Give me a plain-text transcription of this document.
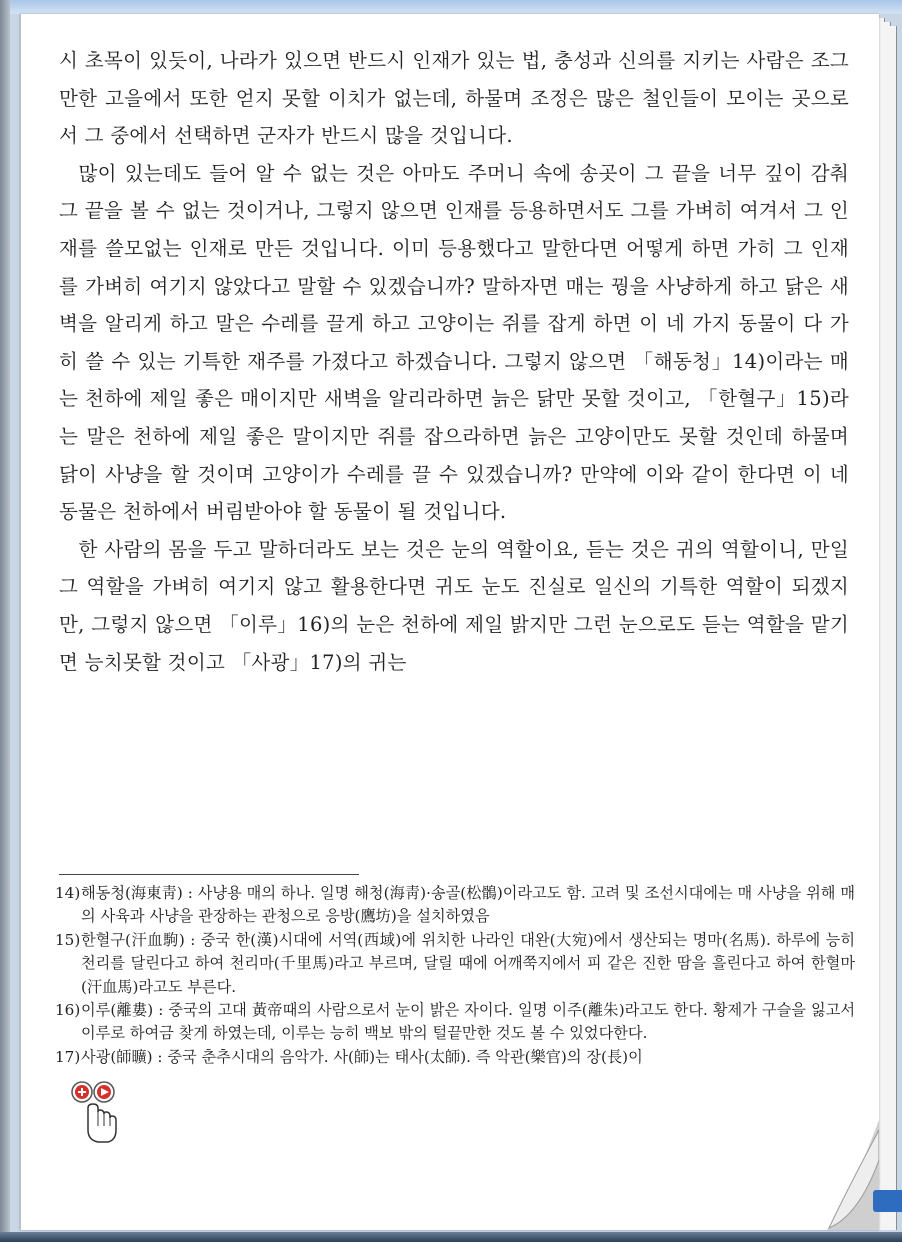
시 초목이 있듯이, 나라가 있으면 반드시 인재가 있는 법, 충성과 신의를 지키는 사람은 조그만한 고을에서 또한 얻지 못할 이치가 없는데, 하물며 조정은 많은 철인들이 모이는 곳으로서 그 중에서 선택하면 군자가 반드시 많을 것입니다.

많이 있는데도 들어 알 수 없는 것은 아마도 주머니 속에 송곳이 그 끝을 너무 깊이 감춰 그 끝을 볼 수 없는 것이거나, 그렇지 않으면 인재를 등용하면서도 그를 가벼히 여겨서 그 인재를 쓸모없는 인재로 만든 것입니다. 이미 등용했다고 말한다면 어떻게 하면 가히 그 인재를 가벼히 여기지 않았다고 말할 수 있겠습니까? 말하자면 매는 꿩을 사냥하게 하고 닭은 새벽을 알리게 하고 말은 수레를 끌게 하고 고양이는 쥐를 잡게 하면 이 네 가지 동물이 다 가히 쓸 수 있는 기특한 재주를 가졌다고 하겠습니다. 그렇지 않으면 「해동청」14)이라는 매는 천하에 제일 좋은 매이지만 새벽을 알리라하면 늙은 닭만 못할 것이고, 「한혈구」15)라는 말은 천하에 제일 좋은 말이지만 쥐를 잡으라하면 늙은 고양이만도 못할 것인데 하물며 닭이 사냥을 할 것이며 고양이가 수레를 끌 수 있겠습니까? 만약에 이와 같이 한다면 이 네 동물은 천하에서 버림받아야 할 동물이 될 것입니다.

한 사람의 몸을 두고 말하더라도 보는 것은 눈의 역할이요, 듣는 것은 귀의 역할이니, 만일 그 역할을 가벼히 여기지 않고 활용한다면 귀도 눈도 진실로 일신의 기특한 역할이 되겠지만, 그렇지 않으면 「이루」16)의 눈은 천하에 제일 밝지만 그런 눈으로도 듣는 역할을 맡기면 능치못할 것이고 「사광」17)의 귀는

14) 해동청(海東靑) : 사냥용 매의 하나. 일명 해청(海靑)·송골(松鶻)이라고도 함. 고려 및 조선시대에는 매 사냥을 위해 매의 사육과 사냥을 관장하는 관청으로 응방(鷹坊)을 설치하였음
15) 한혈구(汗血駒) : 중국 한(漢)시대에 서역(西域)에 위치한 나라인 대완(大宛)에서 생산되는 명마(名馬). 하루에 능히 천리를 달린다고 하여 천리마(千里馬)라고 부르며, 달릴 때에 어깨쭉지에서 피 같은 진한 땀을 흘린다고 하여 한혈마(汗血馬)라고도 부른다.
16) 이루(離婁) : 중국의 고대 黃帝때의 사람으로서 눈이 밝은 자이다. 일명 이주(離朱)라고도 한다. 황제가 구슬을 잃고서 이루로 하여금 찾게 하였는데, 이루는 능히 백보 밖의 털끝만한 것도 볼 수 있었다한다.
17) 사광(師曠) : 중국 춘추시대의 음악가. 사(師)는 태사(太師). 즉 악관(樂官)의 장(長)이
